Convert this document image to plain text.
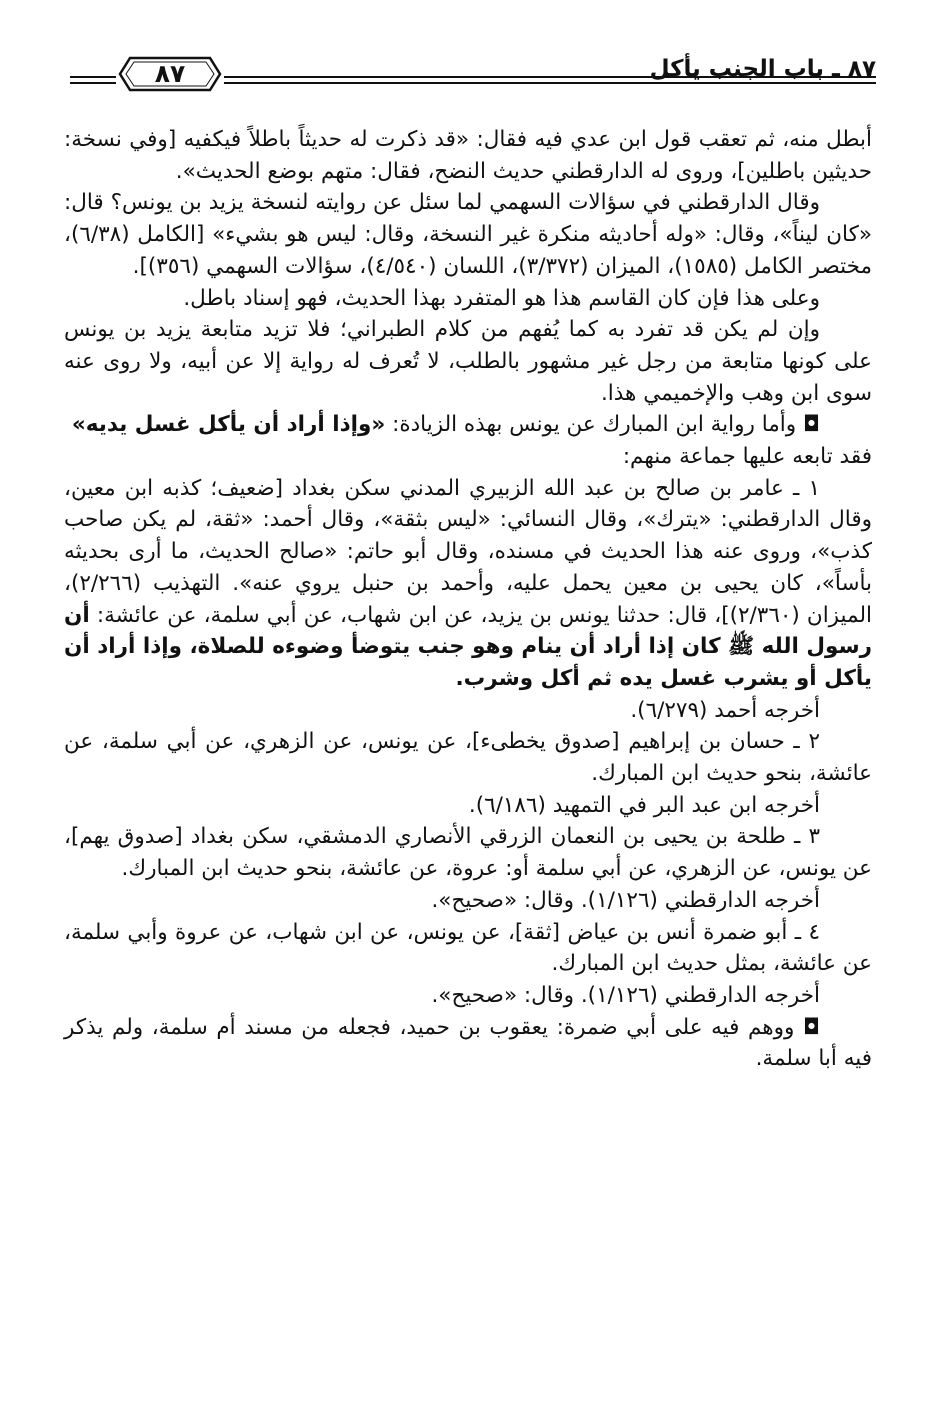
٨٧ ـ باب الجنب يأكل
٨٧

أبطل منه، ثم تعقب قول ابن عدي فيه فقال: «قد ذكرت له حديثاً باطلاً فيكفيه [وفي نسخة: حديثين باطلين]، وروى له الدارقطني حديث النضح، فقال: متهم بوضع الحديث».

وقال الدارقطني في سؤالات السهمي لما سئل عن روايته لنسخة يزيد بن يونس؟ قال: «كان ليناً»، وقال: «وله أحاديثه منكرة غير النسخة، وقال: ليس هو بشيء» [الكامل (٦/٣٨)، مختصر الكامل (١٥٨٥)، الميزان (٣/٣٧٢)، اللسان (٤/٥٤٠)، سؤالات السهمي (٣٥٦)].

وعلى هذا فإن كان القاسم هذا هو المتفرد بهذا الحديث، فهو إسناد باطل.

وإن لم يكن قد تفرد به كما يُفهم من كلام الطبراني؛ فلا تزيد متابعة يزيد بن يونس على كونها متابعة من رجل غير مشهور بالطلب، لا تُعرف له رواية إلا عن أبيه، ولا روى عنه سوى ابن وهب والإخميمي هذا.

◘ وأما رواية ابن المبارك عن يونس بهذه الزيادة: «وإذا أراد أن يأكل غسل يديه»

فقد تابعه عليها جماعة منهم:

١ ـ عامر بن صالح بن عبد الله الزبيري المدني سكن بغداد [ضعيف؛ كذبه ابن معين، وقال الدارقطني: «يترك»، وقال النسائي: «ليس بثقة»، وقال أحمد: «ثقة، لم يكن صاحب كذب»، وروى عنه هذا الحديث في مسنده، وقال أبو حاتم: «صالح الحديث، ما أرى بحديثه بأساً»، كان يحيى بن معين يحمل عليه، وأحمد بن حنبل يروي عنه». التهذيب (٢/٢٦٦)، الميزان (٢/٣٦٠)]، قال: حدثنا يونس بن يزيد، عن ابن شهاب، عن أبي سلمة، عن عائشة: أن رسول الله ﷺ كان إذا أراد أن ينام وهو جنب يتوضأ وضوءه للصلاة، وإذا أراد أن يأكل أو يشرب غسل يده ثم أكل وشرب.

أخرجه أحمد (٦/٢٧٩).

٢ ـ حسان بن إبراهيم [صدوق يخطىء]، عن يونس، عن الزهري، عن أبي سلمة، عن عائشة، بنحو حديث ابن المبارك.

أخرجه ابن عبد البر في التمهيد (٦/١٨٦).

٣ ـ طلحة بن يحيى بن النعمان الزرقي الأنصاري الدمشقي، سكن بغداد [صدوق يهم]، عن يونس، عن الزهري، عن أبي سلمة أو: عروة، عن عائشة، بنحو حديث ابن المبارك.

أخرجه الدارقطني (١/١٢٦). وقال: «صحيح».

٤ ـ أبو ضمرة أنس بن عياض [ثقة]، عن يونس، عن ابن شهاب، عن عروة وأبي سلمة، عن عائشة، بمثل حديث ابن المبارك.

أخرجه الدارقطني (١/١٢٦). وقال: «صحيح».

◘ ووهم فيه على أبي ضمرة: يعقوب بن حميد، فجعله من مسند أم سلمة، ولم يذكر فيه أبا سلمة.
